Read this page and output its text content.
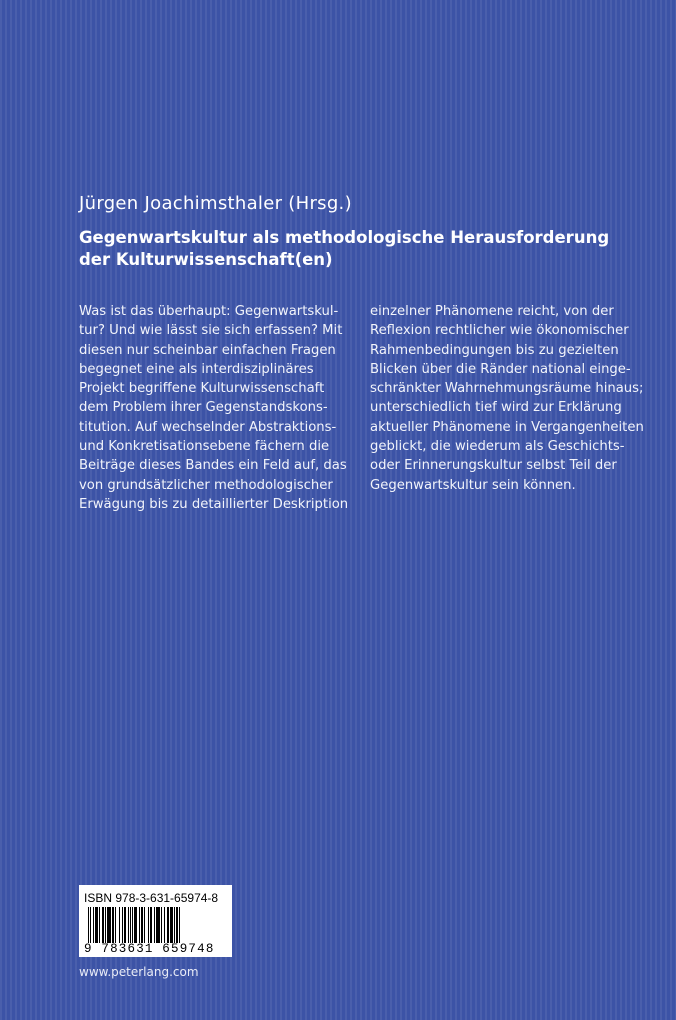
Jürgen Joachimsthaler (Hrsg.)
Gegenwartskultur als methodologische Herausforderung
der Kulturwissenschaft(en)
Was ist das überhaupt: Gegenwartskul-
tur? Und wie lässt sie sich erfassen? Mit
diesen nur scheinbar einfachen Fragen
begegnet eine als interdisziplinäres
Projekt begriffene Kulturwissenschaft
dem Problem ihrer Gegenstandskons-
titution. Auf wechselnder Abstraktions-
und Konkretisationsebene fächern die
Beiträge dieses Bandes ein Feld auf, das
von grundsätzlicher methodologischer
Erwägung bis zu detaillierter Deskription
einzelner Phänomene reicht, von der
Reflexion rechtlicher wie ökonomischer
Rahmenbedingungen bis zu gezielten
Blicken über die Ränder national einge-
schränkter Wahrnehmungsräume hinaus;
unterschiedlich tief wird zur Erklärung
aktueller Phänomene in Vergangenheiten
geblickt, die wiederum als Geschichts-
oder Erinnerungskultur selbst Teil der
Gegenwartskultur sein können.
ISBN 978-3-631-65974-8
9 783631 659748
www.peterlang.com
